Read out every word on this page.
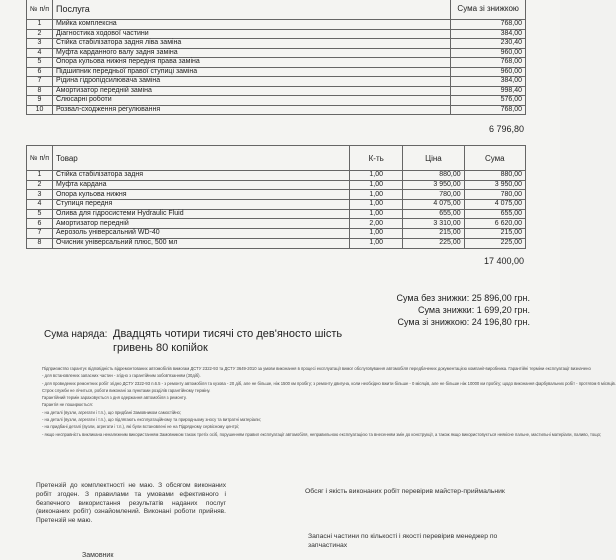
№ п/п	Послуга	Сума зі знижкою
1	Мийка комплексна	768,00
2	Діагностика ходової частини	384,00
3	Стійка стабілізатора задня ліва заміна	230,40
4	Муфта карданного валу задня заміна	960,00
5	Опора кульова нижня передня права заміна	768,00
6	Підшипник передньої правої ступиці заміна	960,00
7	Рідина гідропідсилювача заміна	384,00
8	Амортизатор передній заміна	998,40
9	Слюсарні роботи	576,00
10	Розвал-сходження регулювання	768,00
6 796,80
№ п/п	Товар	К-ть	Ціна	Сума
1	Стійка стабілізатора задня	1,00	880,00	880,00
2	Муфта кардана	1,00	3 950,00	3 950,00
3	Опора кульова нижня	1,00	780,00	780,00
4	Ступиця передня	1,00	4 075,00	4 075,00
5	Олива для гідросистеми Hydraulic Fluid	1,00	655,00	655,00
6	Амортизатор передній	2,00	3 310,00	6 620,00
7	Аерозоль універсальний WD-40	1,00	215,00	215,00
8	Очисник універсальний плюс, 500 мл	1,00	225,00	225,00
17 400,00
Сума без знижки: 25 896,00 грн.
Сума знижки: 1 699,20 грн.
Сума зі знижкою: 24 196,80 грн.
Сума наряда: Двадцять чотири тисячі сто дев'яносто шість
гривень 80 копійок

Підприємство гарантує відповідність відремонтованих автомобілів вимогам ДСТУ 2322-93 та ДСТУ 3649-2010 за умови виконання в процесі експлуатації вимог обслуговування автомобіля передбачених документацією компанії-виробника. Гарантійні терміни експлуатації визначено

- для встановлених запасних частин - згідно з гарантійним зобов'язанням (30діб).

- для проведених ремонтних робіт згідно ДСТУ 2322-93 п.6.5 - з ремонту автомобіля та кузова - 20 діб, але не більше, ніж 1500 км пробігу; з ремонту двигуна, коли необхідно вжити більше - 0 місяців, але не більше ніж 10000 км пробігу; щодо виконання фарбувальних робіт - протягом 6 місяців.

Строк служби не лічиться, роботи виконані за пунктами розділів гарантійному терміну.

Гарантійний термін зараховується з дня одержання автомобіля з ремонту.

Гарантія не поширюється:

- на деталі (вузли, агрегати і т.п.), що придбані Замовником самостійно;

- на деталі (вузли, агрегати і т.п.), що підлягають експлуатаційному та природньому зносу та витратні матеріали;

- на придбані деталі (вузли, агрегати і т.п.), які були встановлені не на Підрядному сервісному центрі;

- якщо несправність викликана неналежним використанням Замовником також третіх осіб, порушенням правил експлуатації автомобіля, неправильною експлуатацією та внесенням змін до конструкції, а також якщо використовується неякісне пальне, мастильні матеріали, паливо, тощо;

Претензій до комплектності не маю. З обсягом виконаних робіт згоден. З правилами та умовами ефективного і безпечного використання результатів наданих послуг (виконаних робіт) ознайомлений. Виконані роботи прийняв. Претензій не маю.
Замовник
Обсяг і якість виконаних робіт перевірив майстер-приймальник
Запасні частини по кількості і якості перевірив менеджер по запчастинах
